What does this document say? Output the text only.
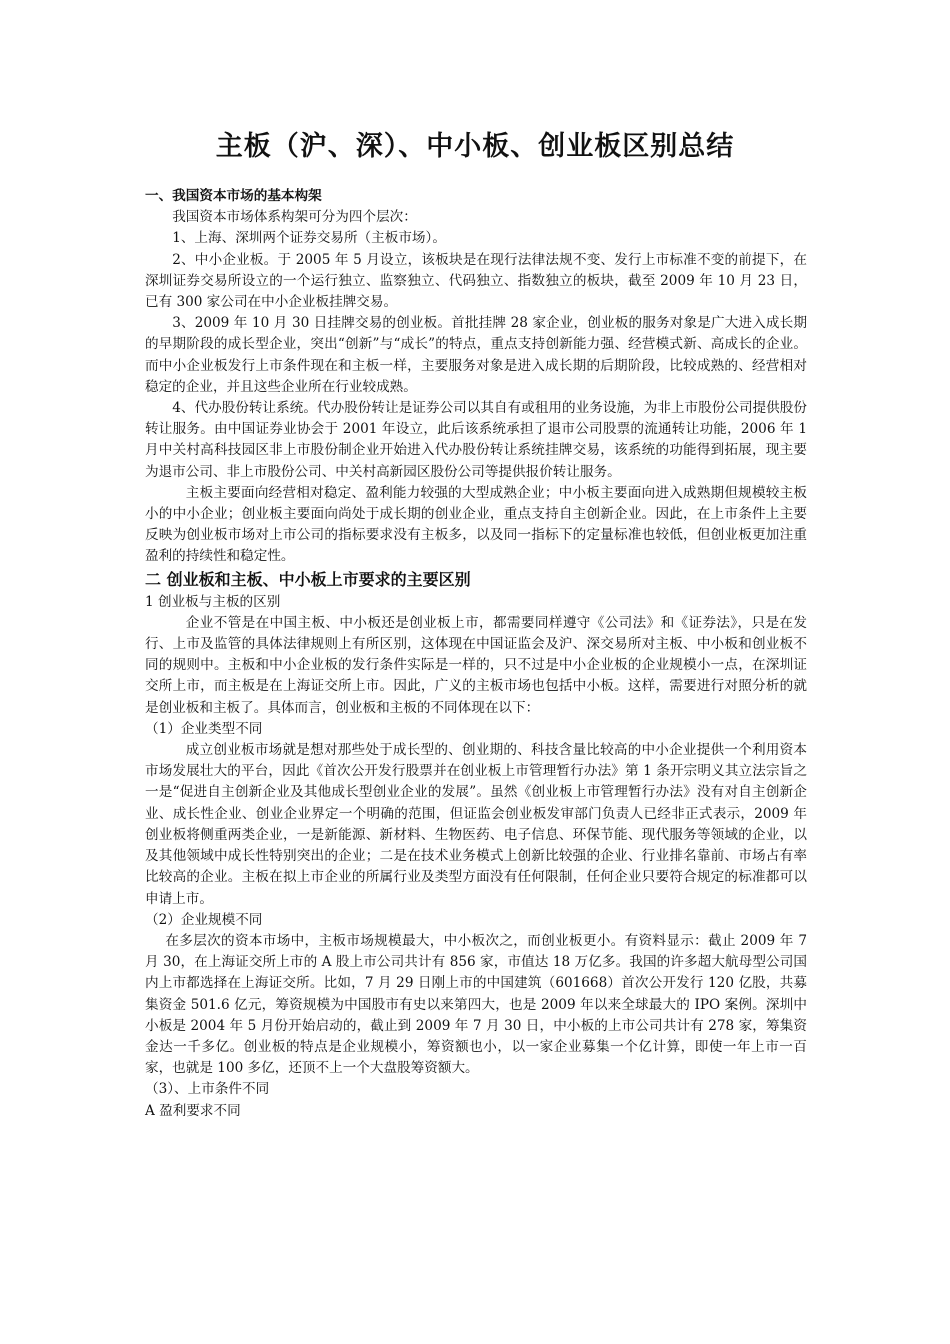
主板（沪、深）、中小板、创业板区别总结

一、我国资本市场的基本构架

我国资本市场体系构架可分为四个层次：

1、上海、深圳两个证券交易所（主板市场）。

2、中小企业板。于 2005 年 5 月设立，该板块是在现行法律法规不变、发行上市标准不变的前提下，在深圳证券交易所设立的一个运行独立、监察独立、代码独立、指数独立的板块，截至 2009 年 10 月 23 日，已有 300 家公司在中小企业板挂牌交易。

3、2009 年 10 月 30 日挂牌交易的创业板。首批挂牌 28 家企业，创业板的服务对象是广大进入成长期的早期阶段的成长型企业，突出“创新”与“成长”的特点，重点支持创新能力强、经营模式新、高成长的企业。而中小企业板发行上市条件现在和主板一样，主要服务对象是进入成长期的后期阶段，比较成熟的、经营相对稳定的企业，并且这些企业所在行业较成熟。

4、代办股份转让系统。代办股份转让是证券公司以其自有或租用的业务设施，为非上市股份公司提供股份转让服务。由中国证券业协会于 2001 年设立，此后该系统承担了退市公司股票的流通转让功能，2006 年 1 月中关村高科技园区非上市股份制企业开始进入代办股份转让系统挂牌交易，该系统的功能得到拓展，现主要为退市公司、非上市股份公司、中关村高新园区股份公司等提供报价转让服务。

主板主要面向经营相对稳定、盈利能力较强的大型成熟企业；中小板主要面向进入成熟期但规模较主板小的中小企业；创业板主要面向尚处于成长期的创业企业，重点支持自主创新企业。因此，在上市条件上主要反映为创业板市场对上市公司的指标要求没有主板多，以及同一指标下的定量标准也较低，但创业板更加注重盈利的持续性和稳定性。

二 创业板和主板、中小板上市要求的主要区别

1 创业板与主板的区别

企业不管是在中国主板、中小板还是创业板上市，都需要同样遵守《公司法》和《证券法》，只是在发行、上市及监管的具体法律规则上有所区别，这体现在中国证监会及沪、深交易所对主板、中小板和创业板不同的规则中。主板和中小企业板的发行条件实际是一样的，只不过是中小企业板的企业规模小一点，在深圳证交所上市，而主板是在上海证交所上市。因此，广义的主板市场也包括中小板。这样，需要进行对照分析的就是创业板和主板了。具体而言，创业板和主板的不同体现在以下：

（1）企业类型不同

成立创业板市场就是想对那些处于成长型的、创业期的、科技含量比较高的中小企业提供一个利用资本市场发展壮大的平台，因此《首次公开发行股票并在创业板上市管理暂行办法》第 1 条开宗明义其立法宗旨之一是“促进自主创新企业及其他成长型创业企业的发展”。虽然《创业板上市管理暂行办法》没有对自主创新企业、成长性企业、创业企业界定一个明确的范围，但证监会创业板发审部门负责人已经非正式表示，2009 年创业板将侧重两类企业，一是新能源、新材料、生物医药、电子信息、环保节能、现代服务等领域的企业，以及其他领域中成长性特别突出的企业；二是在技术业务模式上创新比较强的企业、行业排名靠前、市场占有率比较高的企业。主板在拟上市企业的所属行业及类型方面没有任何限制，任何企业只要符合规定的标准都可以申请上市。

（2）企业规模不同

在多层次的资本市场中，主板市场规模最大，中小板次之，而创业板更小。有资料显示：截止 2009 年 7 月 30，在上海证交所上市的 A 股上市公司共计有 856 家，市值达 18 万亿多。我国的许多超大航母型公司国内上市都选择在上海证交所。比如，7 月 29 日刚上市的中国建筑（601668）首次公开发行 120 亿股，共募集资金 501.6 亿元，筹资规模为中国股市有史以来第四大，也是 2009 年以来全球最大的 IPO 案例。深圳中小板是 2004 年 5 月份开始启动的，截止到 2009 年 7 月 30 日，中小板的上市公司共计有 278 家，筹集资金达一千多亿。创业板的特点是企业规模小，筹资额也小，以一家企业募集一个亿计算，即使一年上市一百家，也就是 100 多亿，还顶不上一个大盘股筹资额大。

（3）、上市条件不同

A 盈利要求不同
